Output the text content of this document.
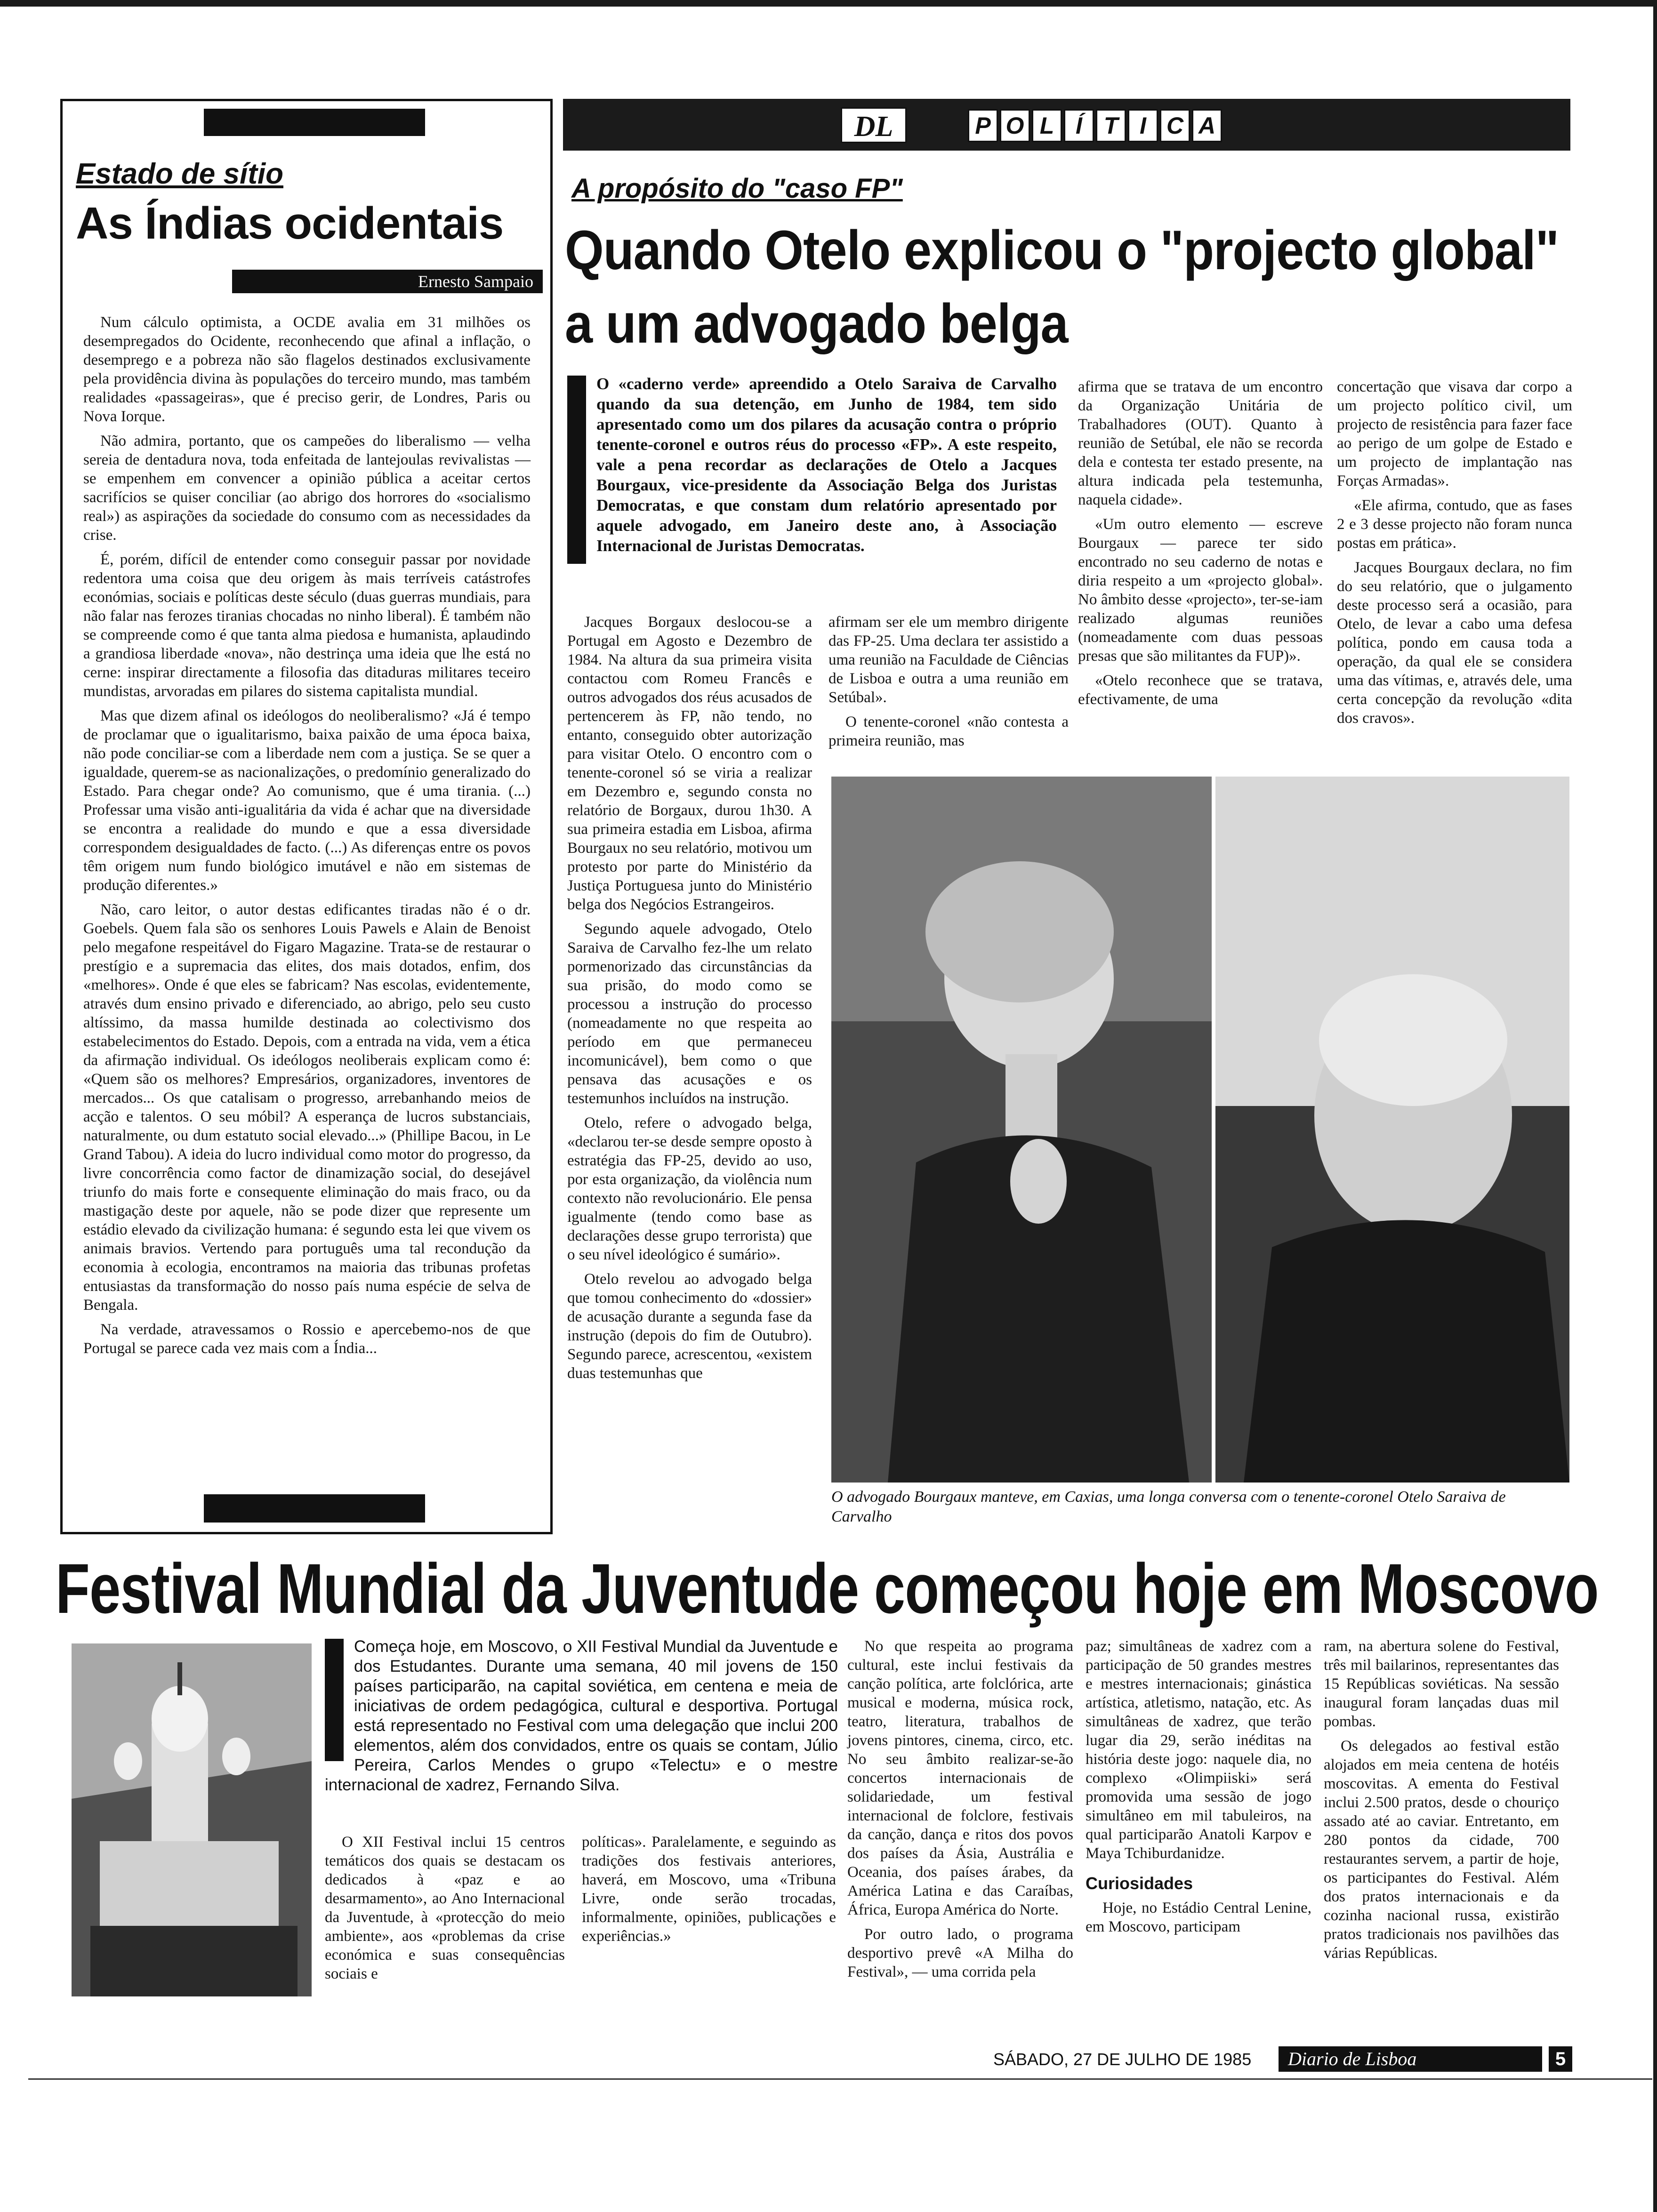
Estado de sítio
As Índias ocidentais
Ernesto Sampaio

Num cálculo optimista, a OCDE avalia em 31 milhões os desempregados do Ocidente, reconhecendo que afinal a inflação, o desemprego e a pobreza não são flagelos destinados exclusivamente pela providência divina às populações do terceiro mundo, mas também realidades «passageiras», que é preciso gerir, de Londres, Paris ou Nova Iorque.

Não admira, portanto, que os campeões do liberalismo — velha sereia de dentadura nova, toda enfeitada de lantejoulas revivalistas — se empenhem em convencer a opinião pública a aceitar certos sacrifícios se quiser conciliar (ao abrigo dos horrores do «socialismo real») as aspirações da sociedade do consumo com as necessidades da crise.

É, porém, difícil de entender como conseguir passar por novidade redentora uma coisa que deu origem às mais terríveis catástrofes económias, sociais e políticas deste século (duas guerras mundiais, para não falar nas ferozes tiranias chocadas no ninho liberal). É também não se compreende como é que tanta alma piedosa e humanista, aplaudindo a grandiosa liberdade «nova», não destrinça uma ideia que lhe está no cerne: inspirar directamente a filosofia das ditaduras militares teceiro mundistas, arvoradas em pilares do sistema capitalista mundial.

Mas que dizem afinal os ideólogos do neoliberalismo? «Já é tempo de proclamar que o igualitarismo, baixa paixão de uma época baixa, não pode conciliar-se com a liberdade nem com a justiça. Se se quer a igualdade, querem-se as nacionalizações, o predomínio generalizado do Estado. Para chegar onde? Ao comunismo, que é uma tirania. (...) Professar uma visão anti-igualitária da vida é achar que na diversidade se encontra a realidade do mundo e que a essa diversidade correspondem desigualdades de facto. (...) As diferenças entre os povos têm origem num fundo biológico imutável e não em sistemas de produção diferentes.»

Não, caro leitor, o autor destas edificantes tiradas não é o dr. Goebels. Quem fala são os senhores Louis Pawels e Alain de Benoist pelo megafone respeitável do Figaro Magazine. Trata-se de restaurar o prestígio e a supremacia das elites, dos mais dotados, enfim, dos «melhores». Onde é que eles se fabricam? Nas escolas, evidentemente, através dum ensino privado e diferenciado, ao abrigo, pelo seu custo altíssimo, da massa humilde destinada ao colectivismo dos estabelecimentos do Estado. Depois, com a entrada na vida, vem a ética da afirmação individual. Os ideólogos neoliberais explicam como é: «Quem são os melhores? Empresários, organizadores, inventores de mercados... Os que catalisam o progresso, arrebanhando meios de acção e talentos. O seu móbil? A esperança de lucros substanciais, naturalmente, ou dum estatuto social elevado...» (Phillipe Bacou, in Le Grand Tabou). A ideia do lucro individual como motor do progresso, da livre concorrência como factor de dinamização social, do desejável triunfo do mais forte e consequente eliminação do mais fraco, ou da mastigação deste por aquele, não se pode dizer que represente um estádio elevado da civilização humana: é segundo esta lei que vivem os animais bravios. Vertendo para português uma tal recondução da economia à ecologia, encontramos na maioria das tribunas profetas entusiastas da transformação do nosso país numa espécie de selva de Bengala.

Na verdade, atravessamos o Rossio e apercebemo-nos de que Portugal se parece cada vez mais com a Índia...

DL	P O L Í T I C A
A propósito do "caso FP"
Quando Otelo explicou o "projecto global"
a um advogado belga

O «caderno verde» apreendido a Otelo Saraiva de Carvalho quando da sua detenção, em Junho de 1984, tem sido apresentado como um dos pilares da acusação contra o próprio tenente-coronel e outros réus do processo «FP». A este respeito, vale a pena recordar as declarações de Otelo a Jacques Bourgaux, vice-presidente da Associação Belga dos Juristas Democratas, e que constam dum relatório apresentado por aquele advogado, em Janeiro deste ano, à Associação Internacional de Juristas Democratas.

Jacques Borgaux deslocou-se a Portugal em Agosto e Dezembro de 1984. Na altura da sua primeira visita contactou com Romeu Francês e outros advogados dos réus acusados de pertencerem às FP, não tendo, no entanto, conseguido obter autorização para visitar Otelo. O encontro com o tenente-coronel só se viria a realizar em Dezembro e, segundo consta no relatório de Borgaux, durou 1h30. A sua primeira estadia em Lisboa, afirma Bourgaux no seu relatório, motivou um protesto por parte do Ministério da Justiça Portuguesa junto do Ministério belga dos Negócios Estrangeiros.

Segundo aquele advogado, Otelo Saraiva de Carvalho fez-lhe um relato pormenorizado das circunstâncias da sua prisão, do modo como se processou a instrução do processo (nomeadamente no que respeita ao período em que permaneceu incomunicável), bem como o que pensava das acusações e os testemunhos incluídos na instrução.

Otelo, refere o advogado belga, «declarou ter-se desde sempre oposto à estratégia das FP-25, devido ao uso, por esta organização, da violência num contexto não revolucionário. Ele pensa igualmente (tendo como base as declarações desse grupo terrorista) que o seu nível ideológico é sumário».

Otelo revelou ao advogado belga que tomou conhecimento do «dossier» de acusação durante a segunda fase da instrução (depois do fim de Outubro). Segundo parece, acrescentou, «existem duas testemunhas que

afirmam ser ele um membro dirigente das FP-25. Uma declara ter assistido a uma reunião na Faculdade de Ciências de Lisboa e outra a uma reunião em Setúbal».

O tenente-coronel «não contesta a primeira reunião, mas

afirma que se tratava de um encontro da Organização Unitária de Trabalhadores (OUT). Quanto à reunião de Setúbal, ele não se recorda dela e contesta ter estado presente, na altura indicada pela testemunha, naquela cidade».

«Um outro elemento — escreve Bourgaux — parece ter sido encontrado no seu caderno de notas e diria respeito a um «projecto global». No âmbito desse «projecto», ter-se-iam realizado algumas reuniões (nomeadamente com duas pessoas presas que são militantes da FUP)».

«Otelo reconhece que se tratava, efectivamente, de uma

concertação que visava dar corpo a um projecto político civil, um projecto de resistência para fazer face ao perigo de um golpe de Estado e um projecto de implantação nas Forças Armadas».

«Ele afirma, contudo, que as fases 2 e 3 desse projecto não foram nunca postas em prática».

Jacques Bourgaux declara, no fim do seu relatório, que o julgamento deste processo será a ocasião, para Otelo, de levar a cabo uma defesa política, pondo em causa toda a operação, da qual ele se considera uma das vítimas, e, através dele, uma certa concepção da revolução «dita dos cravos».

O advogado Bourgaux manteve, em Caxias, uma longa conversa com o tenente-coronel Otelo Saraiva de Carvalho
Festival Mundial da Juventude começou hoje em Moscovo

Começa hoje, em Moscovo, o XII Festival Mundial da Juventude e dos Estudantes. Durante uma semana, 40 mil jovens de 150 países participarão, na capital soviética, em centena e meia de iniciativas de ordem pedagógica, cultural e desportiva. Portugal está representado no Festival com uma delegação que inclui 200 elementos, além dos convidados, entre os quais se contam, Júlio Pereira, Carlos Mendes o grupo «Telectu» e o mestre internacional de xadrez, Fernando Silva.

O XII Festival inclui 15 centros temáticos dos quais se destacam os dedicados à «paz e ao desarmamento», ao Ano Internacional da Juventude, à «protecção do meio ambiente», aos «problemas da crise económica e suas consequências sociais e

políticas». Paralelamente, e seguindo as tradições dos festivais anteriores, haverá, em Moscovo, uma «Tribuna Livre, onde serão trocadas, informalmente, opiniões, publicações e experiências.»

No que respeita ao programa cultural, este inclui festivais da canção política, arte folclórica, arte musical e moderna, música rock, teatro, literatura, trabalhos de jovens pintores, cinema, circo, etc. No seu âmbito realizar-se-ão concertos internacionais de solidariedade, um festival internacional de folclore, festivais da canção, dança e ritos dos povos dos países da Ásia, Austrália e Oceania, dos países árabes, da América Latina e das Caraíbas, África, Europa América do Norte.

Por outro lado, o programa desportivo prevê «A Milha do Festival», — uma corrida pela

paz; simultâneas de xadrez com a participação de 50 grandes mestres e mestres internacionais; ginástica artística, atletismo, natação, etc. As simultâneas de xadrez, que terão lugar dia 29, serão inéditas na história deste jogo: naquele dia, no complexo «Olimpiiski» será promovida uma sessão de jogo simultâneo em mil tabuleiros, na qual participarão Anatoli Karpov e Maya Tchiburdanidze.

Curiosidades

Hoje, no Estádio Central Lenine, em Moscovo, participam

ram, na abertura solene do Festival, três mil bailarinos, representantes das 15 Repúblicas soviéticas. Na sessão inaugural foram lançadas duas mil pombas.

Os delegados ao festival estão alojados em meia centena de hotéis moscovitas. A ementa do Festival inclui 2.500 pratos, desde o chouriço assado até ao caviar. Entretanto, em 280 pontos da cidade, 700 restaurantes servem, a partir de hoje, os participantes do Festival. Além dos pratos internacionais e da cozinha nacional russa, existirão pratos tradicionais nos pavilhões das várias Repúblicas.

SÁBADO, 27 DE JULHO DE 1985	Diario de Lisboa	5
